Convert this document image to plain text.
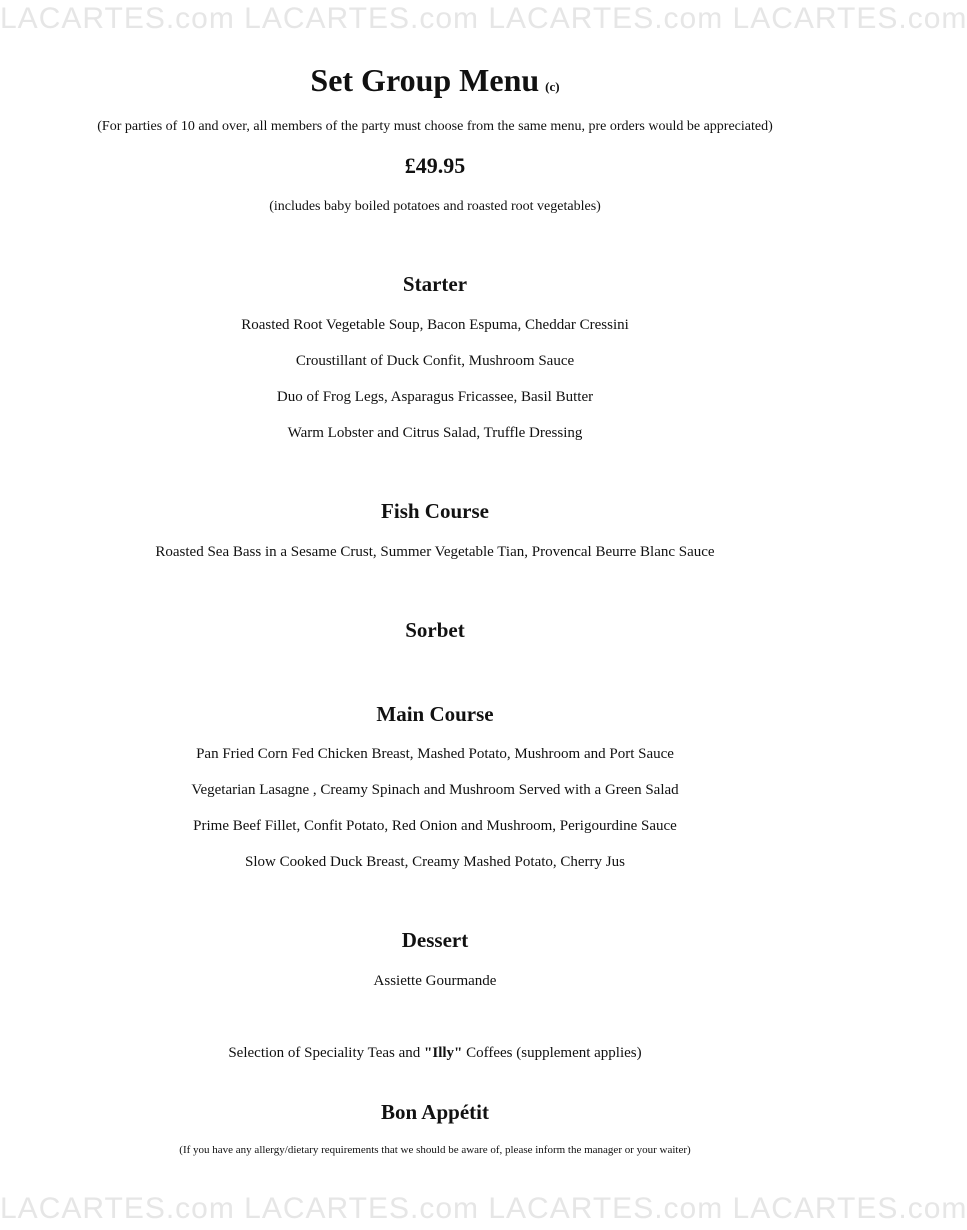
LACARTES.com LACARTES.com LACARTES.com LACARTES.com
Set Group Menu (c)
(For parties of 10 and over, all members of the party must choose from the same menu, pre orders would be appreciated)
£49.95
(includes baby boiled potatoes and roasted root vegetables)
Starter
Roasted Root Vegetable Soup, Bacon Espuma, Cheddar Cressini
Croustillant of Duck Confit, Mushroom Sauce
Duo of Frog Legs, Asparagus Fricassee, Basil Butter
Warm Lobster and Citrus Salad, Truffle Dressing
Fish Course
Roasted Sea Bass in a Sesame Crust, Summer Vegetable Tian, Provencal Beurre Blanc Sauce
Sorbet
Main Course
Pan Fried Corn Fed Chicken Breast, Mashed Potato, Mushroom and Port Sauce
Vegetarian Lasagne , Creamy Spinach and Mushroom Served with a Green Salad
Prime Beef Fillet, Confit Potato, Red Onion and Mushroom, Perigourdine Sauce
Slow Cooked Duck Breast, Creamy Mashed Potato, Cherry Jus
Dessert
Assiette Gourmande
Selection of Speciality Teas and "Illy" Coffees (supplement applies)
Bon Appétit
(If you have any allergy/dietary requirements that we should be aware of, please inform the manager or your waiter)
LACARTES.com LACARTES.com LACARTES.com LACARTES.com
